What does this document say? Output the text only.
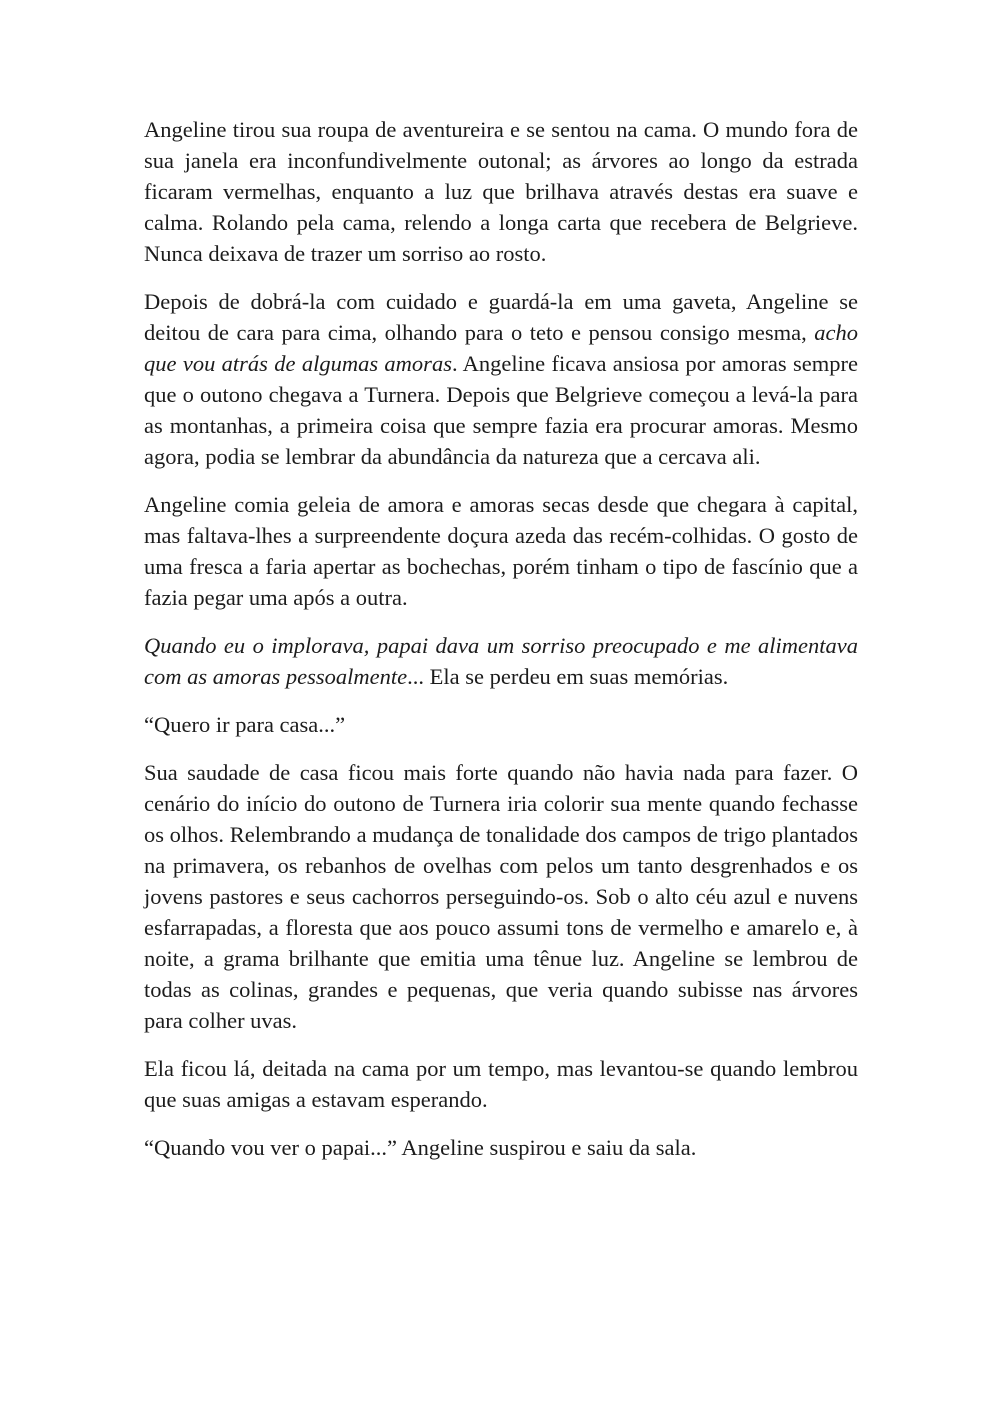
Angeline tirou sua roupa de aventureira e se sentou na cama. O mundo fora de sua janela era inconfundivelmente outonal; as árvores ao longo da estrada ficaram vermelhas, enquanto a luz que brilhava através destas era suave e calma. Rolando pela cama, relendo a longa carta que recebera de Belgrieve. Nunca deixava de trazer um sorriso ao rosto.

Depois de dobrá-la com cuidado e guardá-la em uma gaveta, Angeline se deitou de cara para cima, olhando para o teto e pensou consigo mesma, acho que vou atrás de algumas amoras. Angeline ficava ansiosa por amoras sempre que o outono chegava a Turnera. Depois que Belgrieve começou a levá-la para as montanhas, a primeira coisa que sempre fazia era procurar amoras. Mesmo agora, podia se lembrar da abundância da natureza que a cercava ali.

Angeline comia geleia de amora e amoras secas desde que chegara à capital, mas faltava-lhes a surpreendente doçura azeda das recém-colhidas. O gosto de uma fresca a faria apertar as bochechas, porém tinham o tipo de fascínio que a fazia pegar uma após a outra.

Quando eu o implorava, papai dava um sorriso preocupado e me alimentava com as amoras pessoalmente... Ela se perdeu em suas memórias.

“Quero ir para casa...”

Sua saudade de casa ficou mais forte quando não havia nada para fazer. O cenário do início do outono de Turnera iria colorir sua mente quando fechasse os olhos. Relembrando a mudança de tonalidade dos campos de trigo plantados na primavera, os rebanhos de ovelhas com pelos um tanto desgrenhados e os jovens pastores e seus cachorros perseguindo-os. Sob o alto céu azul e nuvens esfarrapadas, a floresta que aos pouco assumi tons de vermelho e amarelo e, à noite, a grama brilhante que emitia uma tênue luz. Angeline se lembrou de todas as colinas, grandes e pequenas, que veria quando subisse nas árvores para colher uvas.

Ela ficou lá, deitada na cama por um tempo, mas levantou-se quando lembrou que suas amigas a estavam esperando.

“Quando vou ver o papai...” Angeline suspirou e saiu da sala.
